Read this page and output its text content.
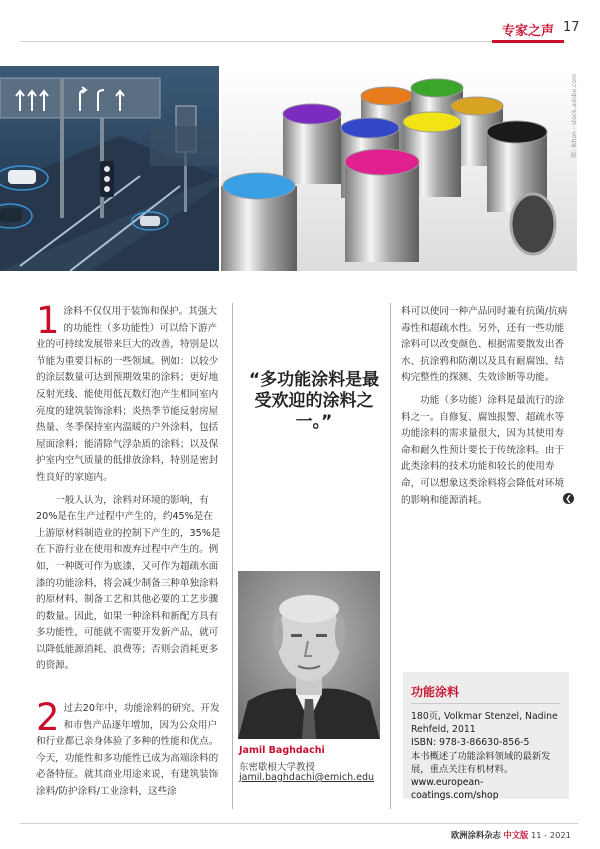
专家之声 17
图: Ikhon - stock.adobe.com

1 涂料不仅仅用于装饰和保护。其强大的功能性（多功能性）可以给下游产业的可持续发展带来巨大的改善，特别是以节能为重要目标的一些领域。例如：以较少的涂层数量可达到预期效果的涂料；更好地反射光线、能使用低瓦数灯泡产生相同室内亮度的建筑装饰涂料；炎热季节能反射房屋热量、冬季保持室内温暖的户外涂料，包括屋面涂料；能清除气浮杂质的涂料；以及保护室内空气质量的低排放涂料，特别是密封性良好的家庭内。

一般人认为，涂料对环境的影响，有20%是在生产过程中产生的，约45%是在上游原材料制造业的控制下产生的，35%是在下游行业在使用和废弃过程中产生的。例如，一种既可作为底漆，又可作为超疏水面漆的功能涂料，将会减少制备三种单独涂料的原材料、制备工艺和其他必要的工艺步骤的数量。因此，如果一种涂料和新配方具有多功能性，可能就不需要开发新产品，就可以降低能源消耗、浪费等；否则会消耗更多的资源。

2 过去20年中，功能涂料的研究、开发和市售产品逐年增加，因为公众用户和行业都已亲身体验了多种的性能和优点。今天，功能性和多功能性已成为高端涂料的必备特征。就其商业用途来说，有建筑装饰涂料/防护涂料/工业涂料，这些涂

“多功能涂料是最受欢迎的涂料之一。”
Jamil Baghdachi
东密歇根大学教授
jamil.baghdachi@emich.edu

料可以使同一种产品同时兼有抗菌/抗病毒性和超疏水性。另外，还有一些功能涂料可以改变颜色、根据需要散发出香水、抗涂鸦和防潮以及具有耐腐蚀、结构完整性的探测、失效诊断等功能。

功能（多功能）涂料是最流行的涂料之一。自修复、腐蚀报警、超疏水等功能涂料的需求量很大，因为其使用寿命和耐久性预计要长于传统涂料。由于此类涂料的技术功能和较长的使用寿命，可以想象这类涂料将会降低对环境的影响和能源消耗。	❮
功能涂料
180页, Volkmar Stenzel, Nadine Rehfeld, 2011
ISBN: 978-3-86630-856-5
本书概述了功能涂料领域的最新发展，重点关注有机材料。
www.european-coatings.com/shop
欧洲涂料杂志 中文版 11 - 2021
